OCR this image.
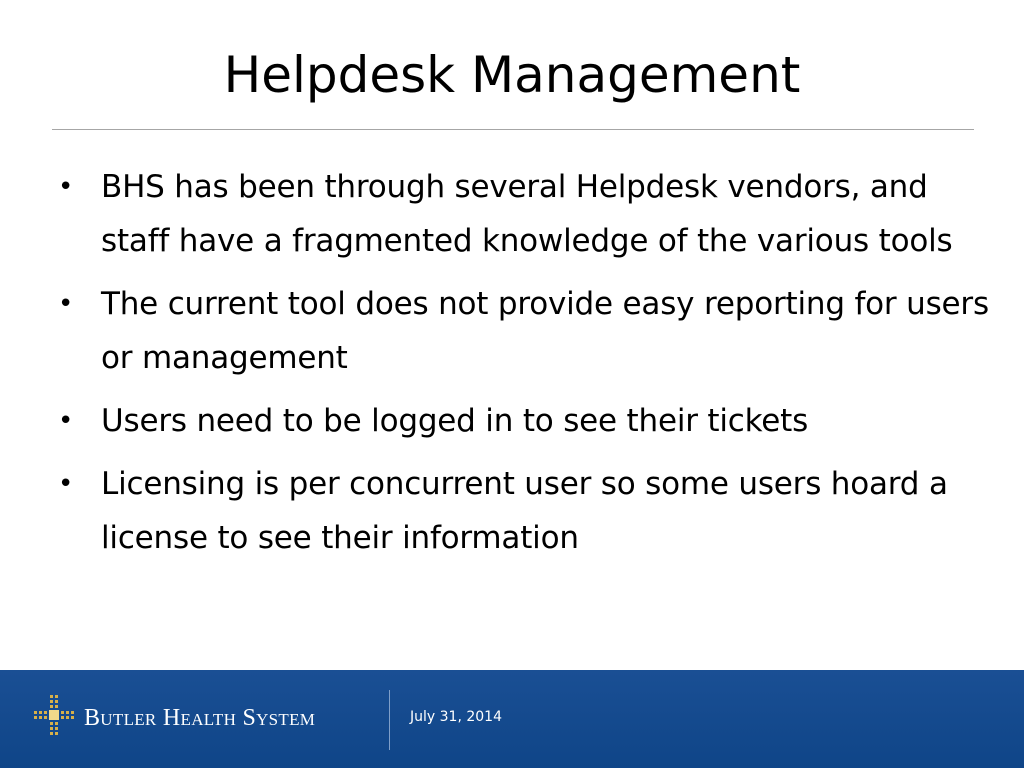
Helpdesk Management
• BHS has been through several Helpdesk vendors, and staff have a fragmented knowledge of the various tools
• The current tool does not provide easy reporting for users or management
• Users need to be logged in to see their tickets
• Licensing is per concurrent user so some users hoard a license to see their information
Butler Health System	July 31, 2014
